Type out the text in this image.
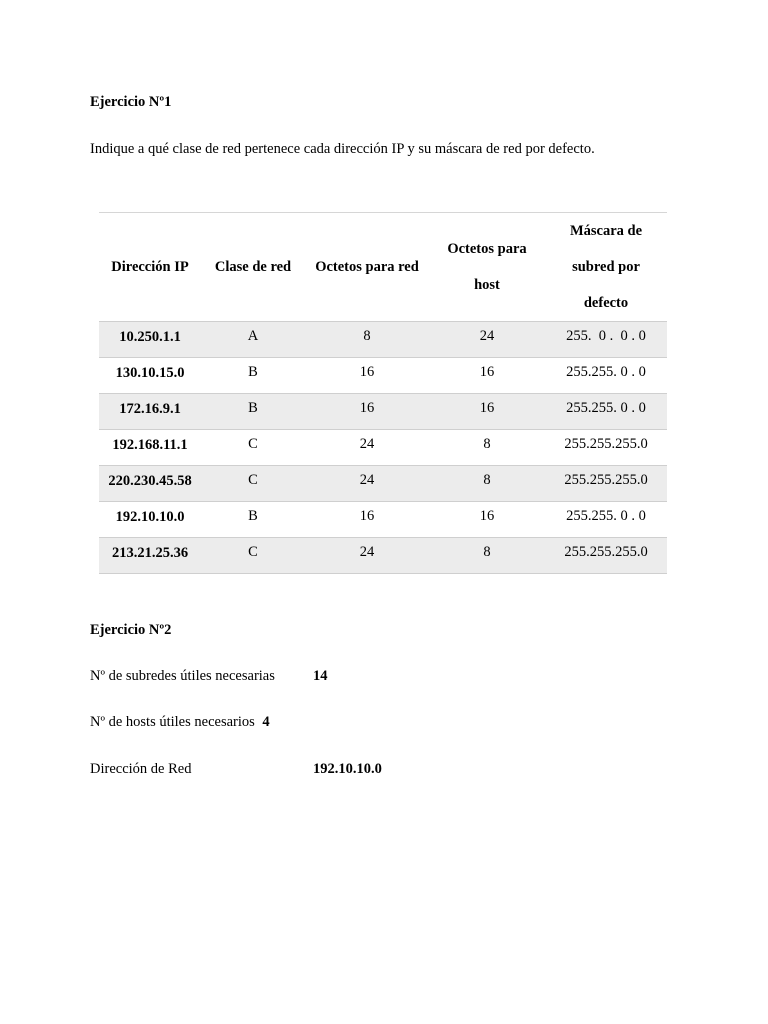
Ejercicio Nº1
Indique a qué clase de red pertenece cada dirección IP y su máscara de red por defecto.
Dirección IP	Clase de red	Octetos para red	Octetos para host	Máscara de subred por defecto
10.250.1.1	A	8	24	255.  0 .  0 . 0
130.10.15.0	B	16	16	255.255. 0 . 0
172.16.9.1	B	16	16	255.255. 0 . 0
192.168.11.1	C	24	8	255.255.255.0
220.230.45.58	C	24	8	255.255.255.0
192.10.10.0	B	16	16	255.255. 0 . 0
213.21.25.36	C	24	8	255.255.255.0
Ejercicio Nº2
Nº de subredes útiles necesarias	14
Nº de hosts útiles necesarios 4
Dirección de Red	192.10.10.0
